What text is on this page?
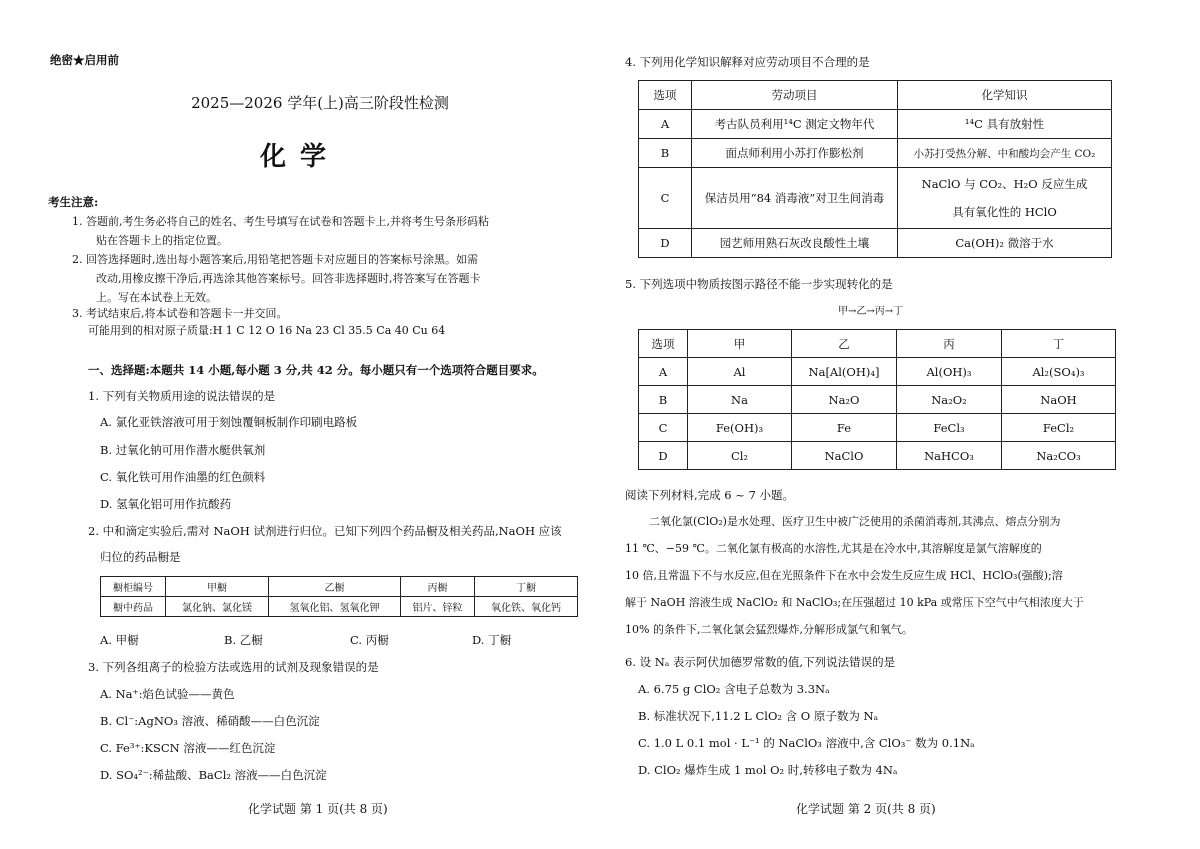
绝密★启用前
2025—2026 学年(上)高三阶段性检测
化学
考生注意:
1. 答题前,考生务必将自己的姓名、考生号填写在试卷和答题卡上,并将考生号条形码粘
贴在答题卡上的指定位置。
2. 回答选择题时,选出每小题答案后,用铅笔把答题卡对应题目的答案标号涂黑。如需
改动,用橡皮擦干净后,再选涂其他答案标号。回答非选择题时,将答案写在答题卡
上。写在本试卷上无效。
3. 考试结束后,将本试卷和答题卡一并交回。
可能用到的相对原子质量:H 1 C 12 O 16 Na 23 Cl 35.5 Ca 40 Cu 64
一、选择题:本题共 14 小题,每小题 3 分,共 42 分。每小题只有一个选项符合题目要求。
1. 下列有关物质用途的说法错误的是
A. 氯化亚铁溶液可用于刻蚀覆铜板制作印刷电路板
B. 过氧化钠可用作潜水艇供氧剂
C. 氧化铁可用作油墨的红色颜料
D. 氢氧化铝可用作抗酸药
2. 中和滴定实验后,需对 NaOH 试剂进行归位。已知下列四个药品橱及相关药品,NaOH 应该
归位的药品橱是
橱柜编号	甲橱	乙橱	丙橱	丁橱
橱中药品	氯化钠、氯化镁	氢氧化铝、氢氧化钾	铝片、锌粒	氧化铁、氧化钙
A. 甲橱	B. 乙橱	C. 丙橱	D. 丁橱
3. 下列各组离子的检验方法或选用的试剂及现象错误的是
A. Na⁺:焰色试验——黄色
B. Cl⁻:AgNO₃ 溶液、稀硝酸——白色沉淀
C. Fe³⁺:KSCN 溶液——红色沉淀
D. SO₄²⁻:稀盐酸、BaCl₂ 溶液——白色沉淀
化学试题 第 1 页(共 8 页)
4. 下列用化学知识解释对应劳动项目不合理的是
选项	劳动项目	化学知识
A	考古队员利用¹⁴C 测定文物年代	¹⁴C 具有放射性
B	面点师利用小苏打作膨松剂	小苏打受热分解、中和酸均会产生 CO₂
C	保洁员用“84 消毒液”对卫生间消毒	NaClO 与 CO₂、H₂O 反应生成
具有氧化性的 HClO

D	园艺师用熟石灰改良酸性土壤	Ca(OH)₂ 微溶于水
5. 下列选项中物质按图示路径不能一步实现转化的是
甲→乙→丙→丁
选项	甲	乙	丙	丁
A	Al	Na[Al(OH)₄]	Al(OH)₃	Al₂(SO₄)₃
B	Na	Na₂O	Na₂O₂	NaOH
C	Fe(OH)₃	Fe	FeCl₃	FeCl₂
D	Cl₂	NaClO	NaHCO₃	Na₂CO₃
阅读下列材料,完成 6 ~ 7 小题。
二氧化氯(ClO₂)是水处理、医疗卫生中被广泛使用的杀菌消毒剂,其沸点、熔点分别为
11 ℃、−59 ℃。二氧化氯有极高的水溶性,尤其是在冷水中,其溶解度是氯气溶解度的
10 倍,且常温下不与水反应,但在光照条件下在水中会发生反应生成 HCl、HClO₃(强酸);溶
解于 NaOH 溶液生成 NaClO₂ 和 NaClO₃;在压强超过 10 kPa 或常压下空气中气相浓度大于
10% 的条件下,二氧化氯会猛烈爆炸,分解形成氯气和氧气。
6. 设 Nₐ 表示阿伏加德罗常数的值,下列说法错误的是
A. 6.75 g ClO₂ 含电子总数为 3.3Nₐ
B. 标准状况下,11.2 L ClO₂ 含 O 原子数为 Nₐ
C. 1.0 L 0.1 mol · L⁻¹ 的 NaClO₃ 溶液中,含 ClO₃⁻ 数为 0.1Nₐ
D. ClO₂ 爆炸生成 1 mol O₂ 时,转移电子数为 4Nₐ
化学试题 第 2 页(共 8 页)
